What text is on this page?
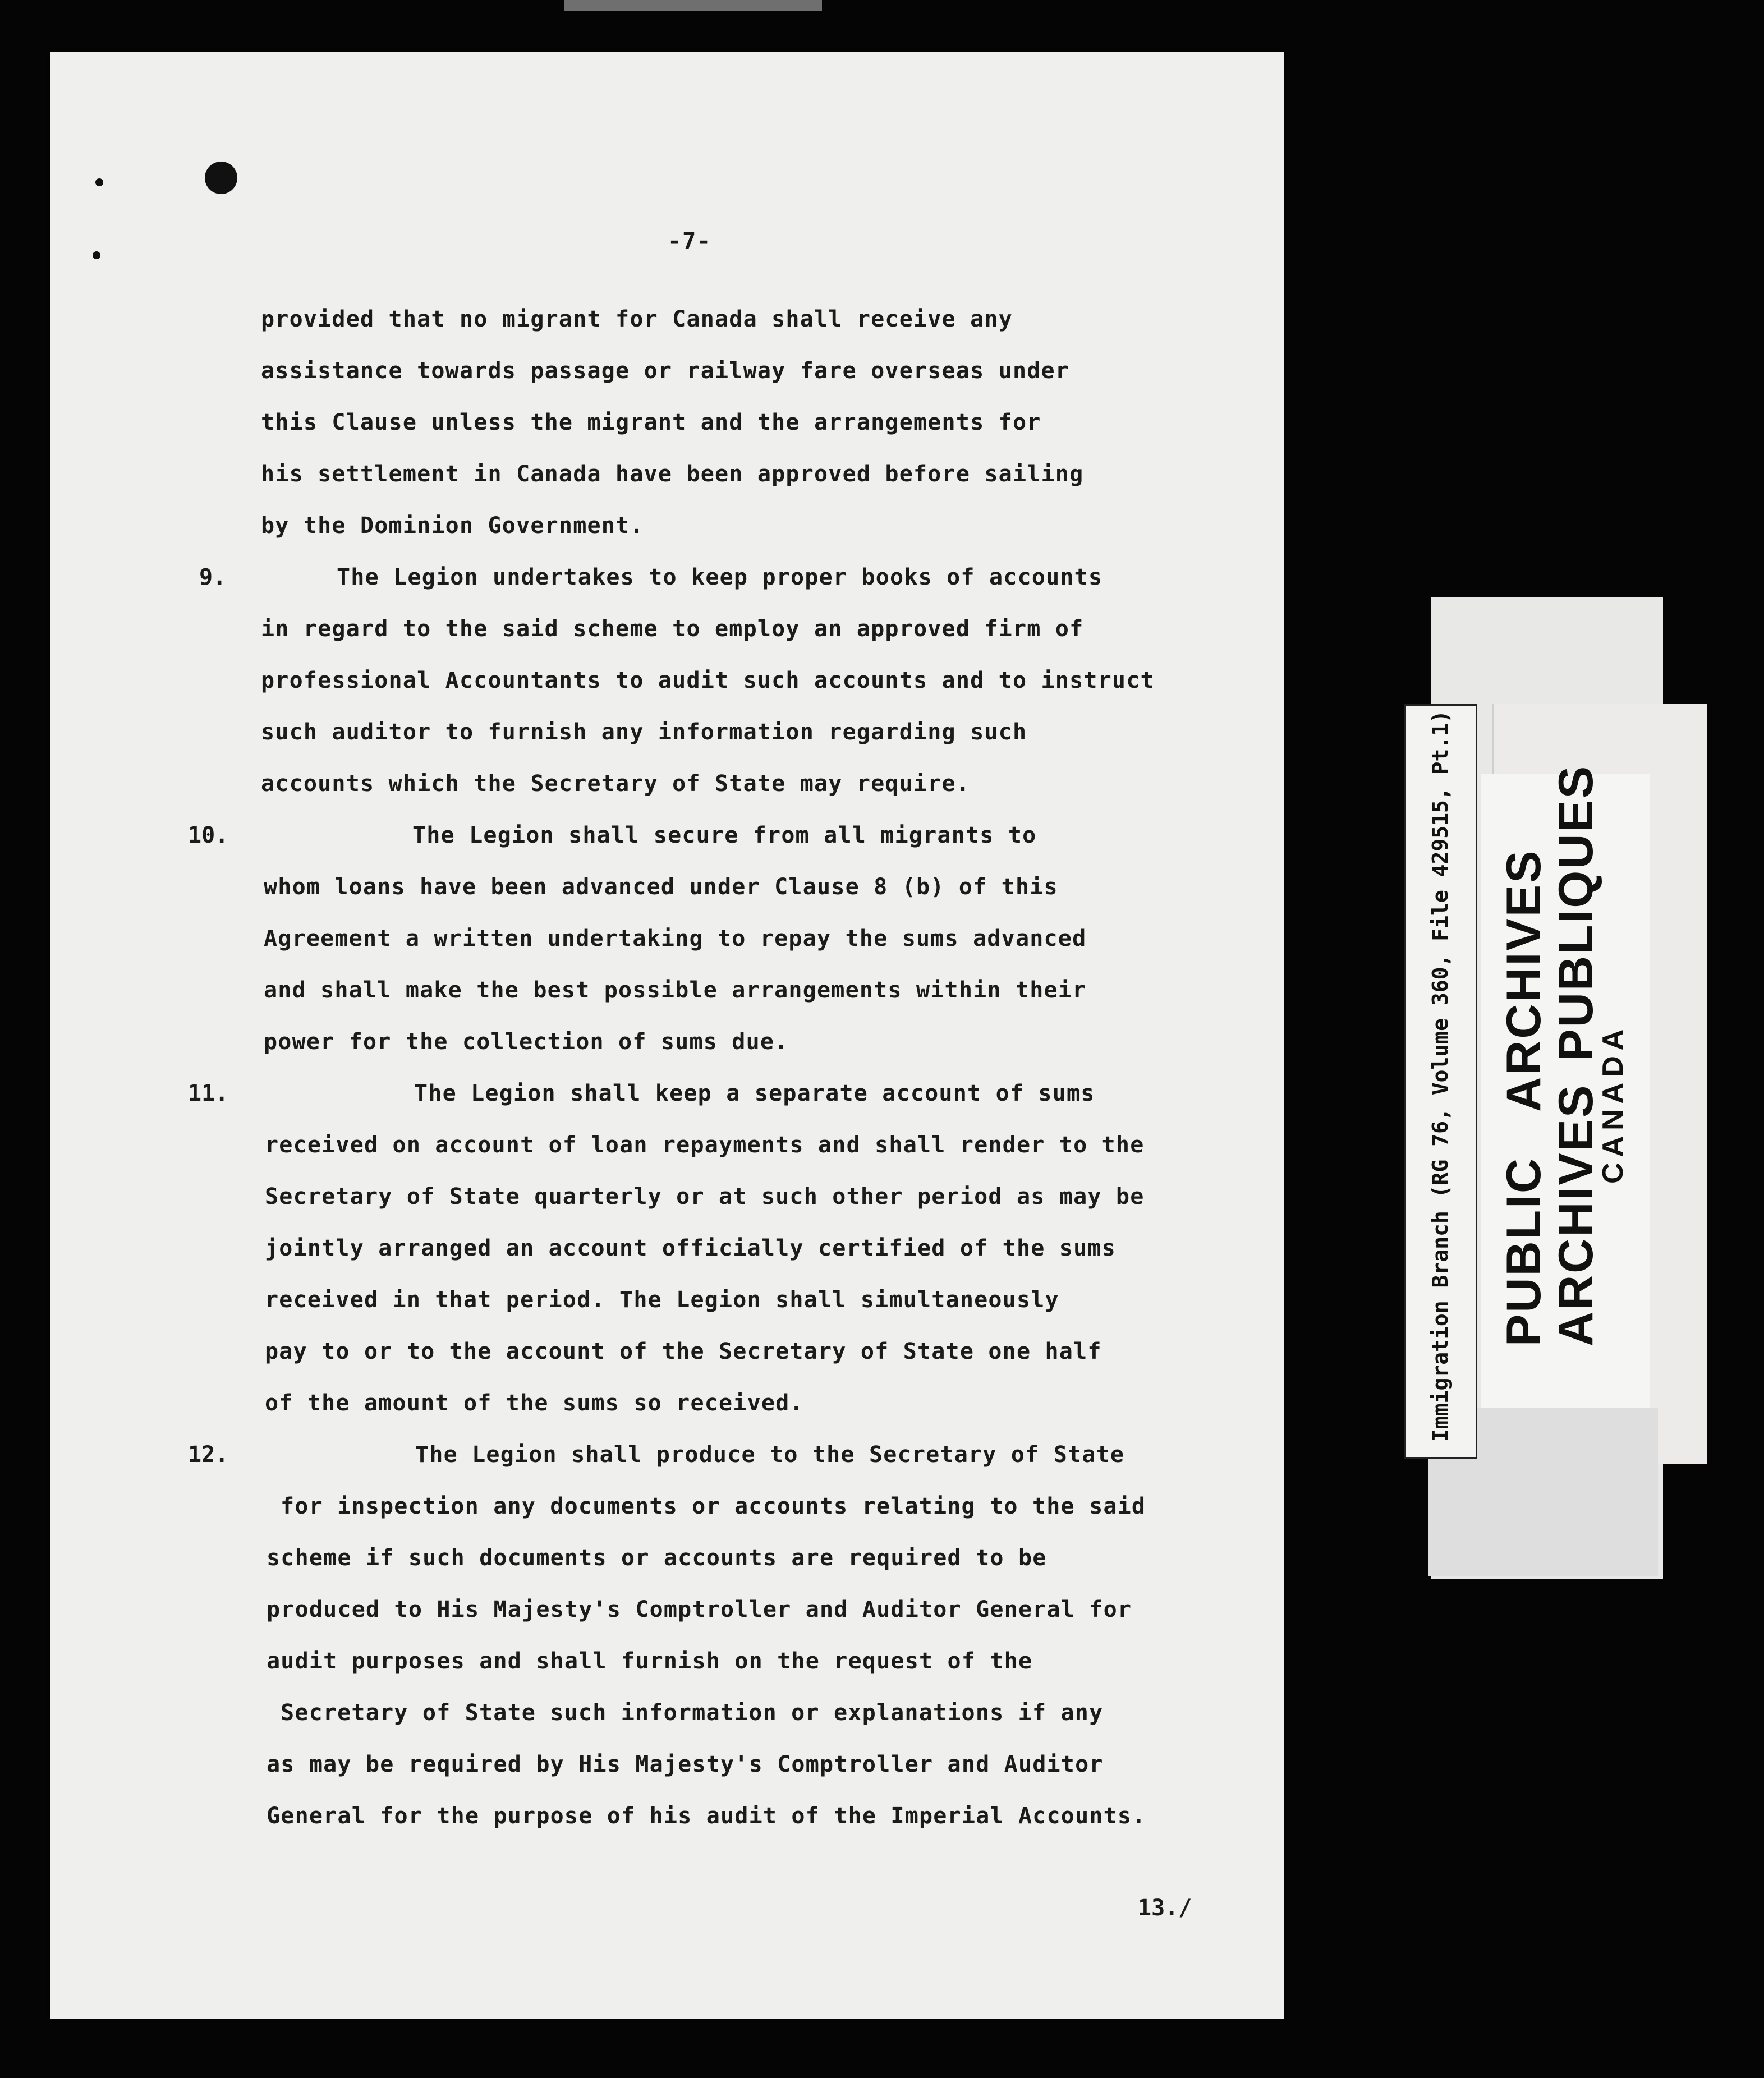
-7-
provided that no migrant for Canada shall receive any
assistance towards passage or railway fare overseas under
this Clause unless the migrant and the arrangements for
his settlement in Canada have been approved before sailing
by the Dominion Government.
9.	The Legion undertakes to keep proper books of accounts
in regard to the said scheme to employ an approved firm of
professional Accountants to audit such accounts and to instruct
such auditor to furnish any information regarding such
accounts which the Secretary of State may require.
10.	The Legion shall secure from all migrants to
whom loans have been advanced under Clause 8 (b) of this
Agreement a written undertaking to repay the sums advanced
and shall make the best possible arrangements within their
power for the collection of sums due.
11.	The Legion shall keep a separate account of sums
received on account of loan repayments and shall render to the
Secretary of State quarterly or at such other period as may be
jointly arranged an account officially certified of the sums
received in that period. The Legion shall simultaneously
pay to or to the account of the Secretary of State one half
of the amount of the sums so received.
12.	The Legion shall produce to the Secretary of State
for inspection any documents or accounts relating to the said
scheme if such documents or accounts are required to be
produced to His Majesty's Comptroller and Auditor General for
audit purposes and shall furnish on the request of the
Secretary of State such information or explanations if any
as may be required by His Majesty's Comptroller and Auditor
General for the purpose of his audit of the Imperial Accounts.
13./
Immigration Branch (RG 76, Volume 360, File 429515, Pt.1) PUBLICARCHIVES
ARCHIVESPUBLIQUES
CANADA
